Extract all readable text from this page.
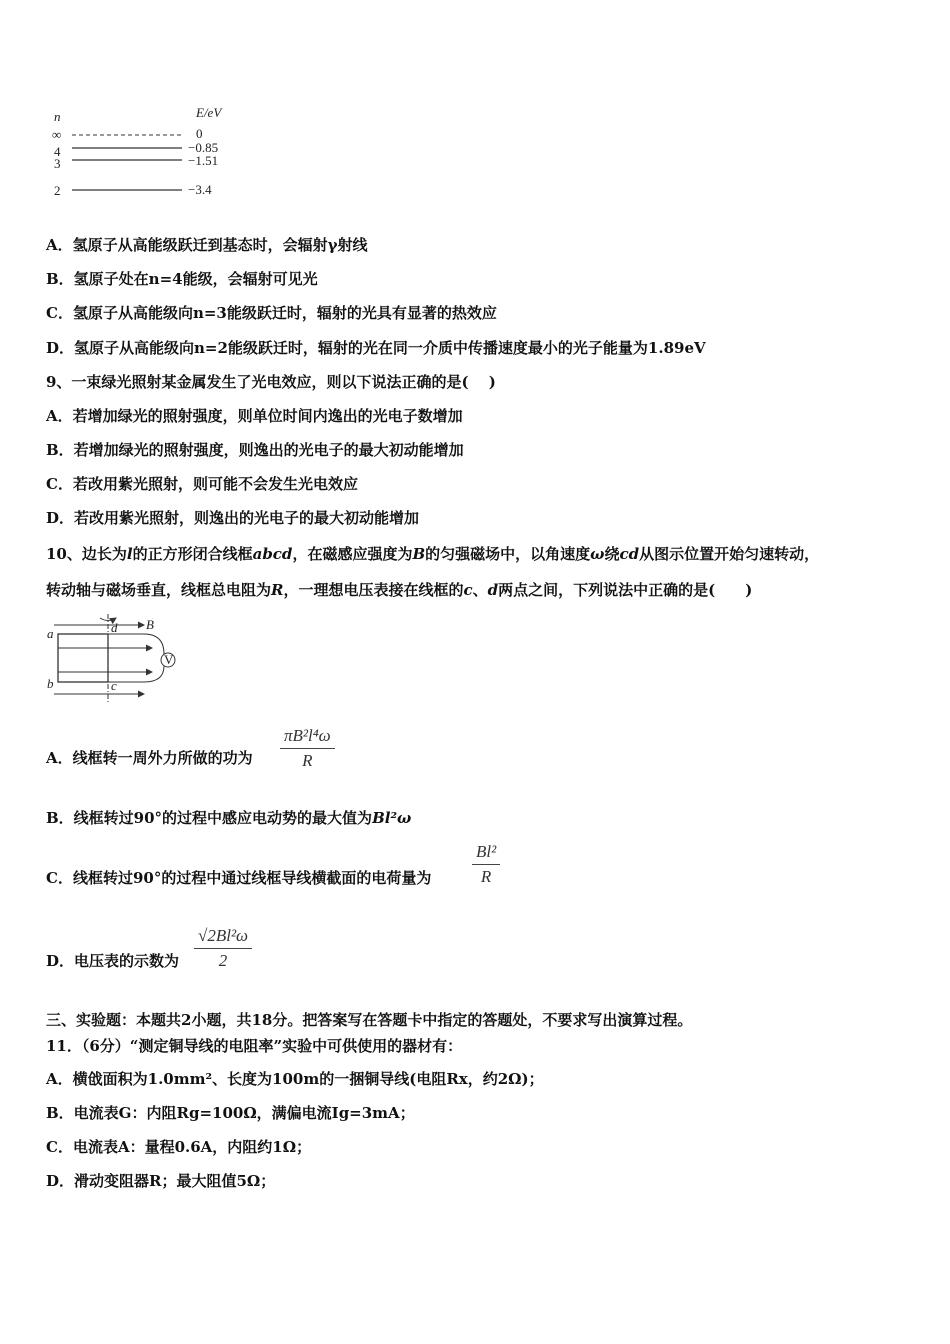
n	E/eV
∞	0
4	−0.85
3	−1.51
2	−3.4
A．氢原子从高能级跃迁到基态时，会辐射γ射线
B．氢原子处在n=4能级，会辐射可见光
C．氢原子从高能级向n=3能级跃迁时，辐射的光具有显著的热效应
D．氢原子从高能级向n=2能级跃迁时，辐射的光在同一介质中传播速度最小的光子能量为1.89eV
9、一束绿光照射某金属发生了光电效应，则以下说法正确的是(　 )
A．若增加绿光的照射强度，则单位时间内逸出的光电子数增加
B．若增加绿光的照射强度，则逸出的光电子的最大初动能增加
C．若改用紫光照射，则可能不会发生光电效应
D．若改用紫光照射，则逸出的光电子的最大初动能增加
10、边长为l的正方形闭合线框abcd，在磁感应强度为B的匀强磁场中，以角速度ω绕cd从图示位置开始匀速转动，
转动轴与磁场垂直，线框总电阻为R，一理想电压表接在线框的c、d两点之间，下列说法中正确的是(　　)
V
a
b
d
c
B
A．线框转一周外力所做的功为
πB²l⁴ω
R
B．线框转过90°的过程中感应电动势的最大值为Bl²ω
C．线框转过90°的过程中通过线框导线横截面的电荷量为
Bl²
R
D．电压表的示数为
√2Bl²ω
2
三、实验题：本题共2小题，共18分。把答案写在答题卡中指定的答题处，不要求写出演算过程。
11．（6分）“测定铜导线的电阻率”实验中可供使用的器材有：
A．横戗面积为1.0mm²、长度为100m的一捆铜导线(电阻Rx，约2Ω)；
B．电流表G：内阻Rg=100Ω，满偏电流Ig=3mA；
C．电流表A：量程0.6A，内阻约1Ω；
D．滑动变阻器R；最大阻值5Ω；
